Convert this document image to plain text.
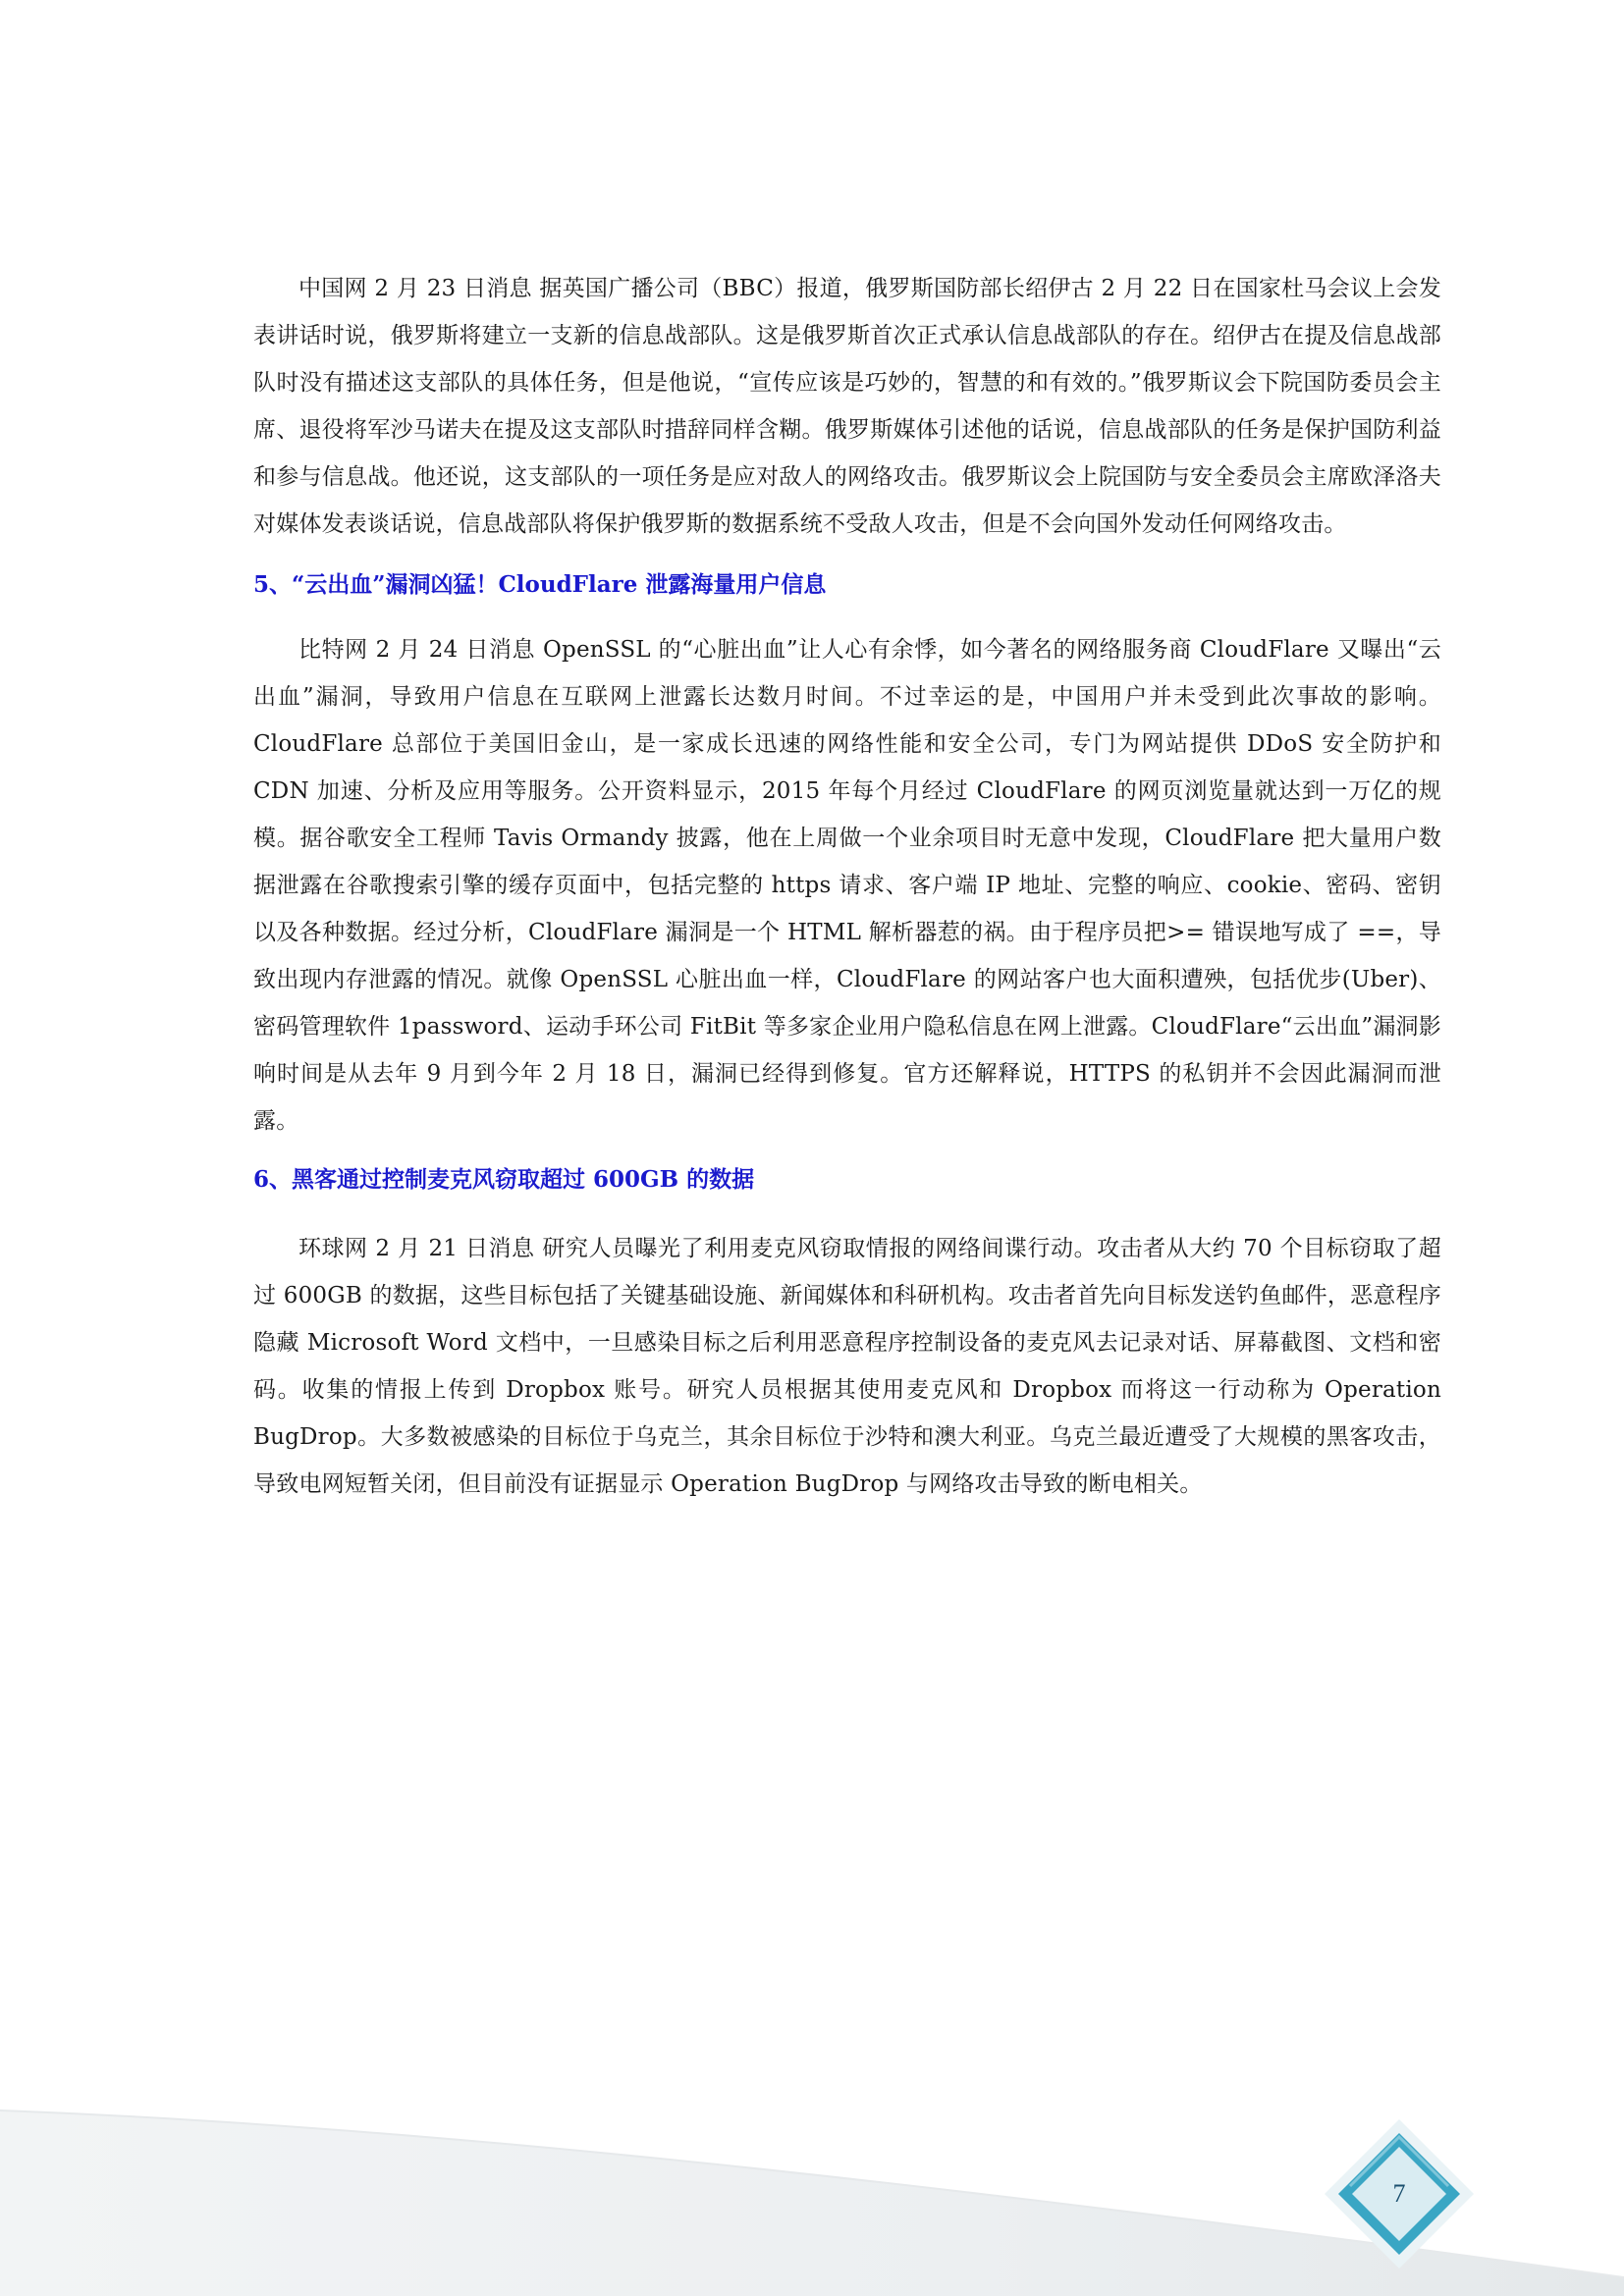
中国网 2 月 23 日消息 据英国广播公司（BBC）报道，俄罗斯国防部长绍伊古 2 月 22 日在国家杜马会议上会发表讲话时说，俄罗斯将建立一支新的信息战部队。这是俄罗斯首次正式承认信息战部队的存在。绍伊古在提及信息战部队时没有描述这支部队的具体任务，但是他说，“宣传应该是巧妙的，智慧的和有效的。”俄罗斯议会下院国防委员会主席、退役将军沙马诺夫在提及这支部队时措辞同样含糊。俄罗斯媒体引述他的话说，信息战部队的任务是保护国防利益和参与信息战。他还说，这支部队的一项任务是应对敌人的网络攻击。俄罗斯议会上院国防与安全委员会主席欧泽洛夫对媒体发表谈话说，信息战部队将保护俄罗斯的数据系统不受敌人攻击，但是不会向国外发动任何网络攻击。

5、“云出血”漏洞凶猛！CloudFlare 泄露海量用户信息

比特网 2 月 24 日消息 OpenSSL 的“心脏出血”让人心有余悸，如今著名的网络服务商 CloudFlare 又曝出“云出血”漏洞，导致用户信息在互联网上泄露长达数月时间。不过幸运的是，中国用户并未受到此次事故的影响。CloudFlare 总部位于美国旧金山，是一家成长迅速的网络性能和安全公司，专门为网站提供 DDoS 安全防护和 CDN 加速、分析及应用等服务。公开资料显示，2015 年每个月经过 CloudFlare 的网页浏览量就达到一万亿的规模。据谷歌安全工程师 Tavis Ormandy 披露，他在上周做一个业余项目时无意中发现，CloudFlare 把大量用户数据泄露在谷歌搜索引擎的缓存页面中，包括完整的 https 请求、客户端 IP 地址、完整的响应、cookie、密码、密钥以及各种数据。经过分析，CloudFlare 漏洞是一个 HTML 解析器惹的祸。由于程序员把>= 错误地写成了 ==，导致出现内存泄露的情况。就像 OpenSSL 心脏出血一样，CloudFlare 的网站客户也大面积遭殃，包括优步(Uber)、密码管理软件 1password、运动手环公司 FitBit 等多家企业用户隐私信息在网上泄露。CloudFlare“云出血”漏洞影响时间是从去年 9 月到今年 2 月 18 日，漏洞已经得到修复。官方还解释说，HTTPS 的私钥并不会因此漏洞而泄露。

6、黑客通过控制麦克风窃取超过 600GB 的数据

环球网 2 月 21 日消息 研究人员曝光了利用麦克风窃取情报的网络间谍行动。攻击者从大约 70 个目标窃取了超过 600GB 的数据，这些目标包括了关键基础设施、新闻媒体和科研机构。攻击者首先向目标发送钓鱼邮件，恶意程序隐藏 Microsoft Word 文档中，一旦感染目标之后利用恶意程序控制设备的麦克风去记录对话、屏幕截图、文档和密码。收集的情报上传到 Dropbox 账号。研究人员根据其使用麦克风和 Dropbox 而将这一行动称为 Operation BugDrop。大多数被感染的目标位于乌克兰，其余目标位于沙特和澳大利亚。乌克兰最近遭受了大规模的黑客攻击，导致电网短暂关闭，但目前没有证据显示 Operation BugDrop 与网络攻击导致的断电相关。

7
